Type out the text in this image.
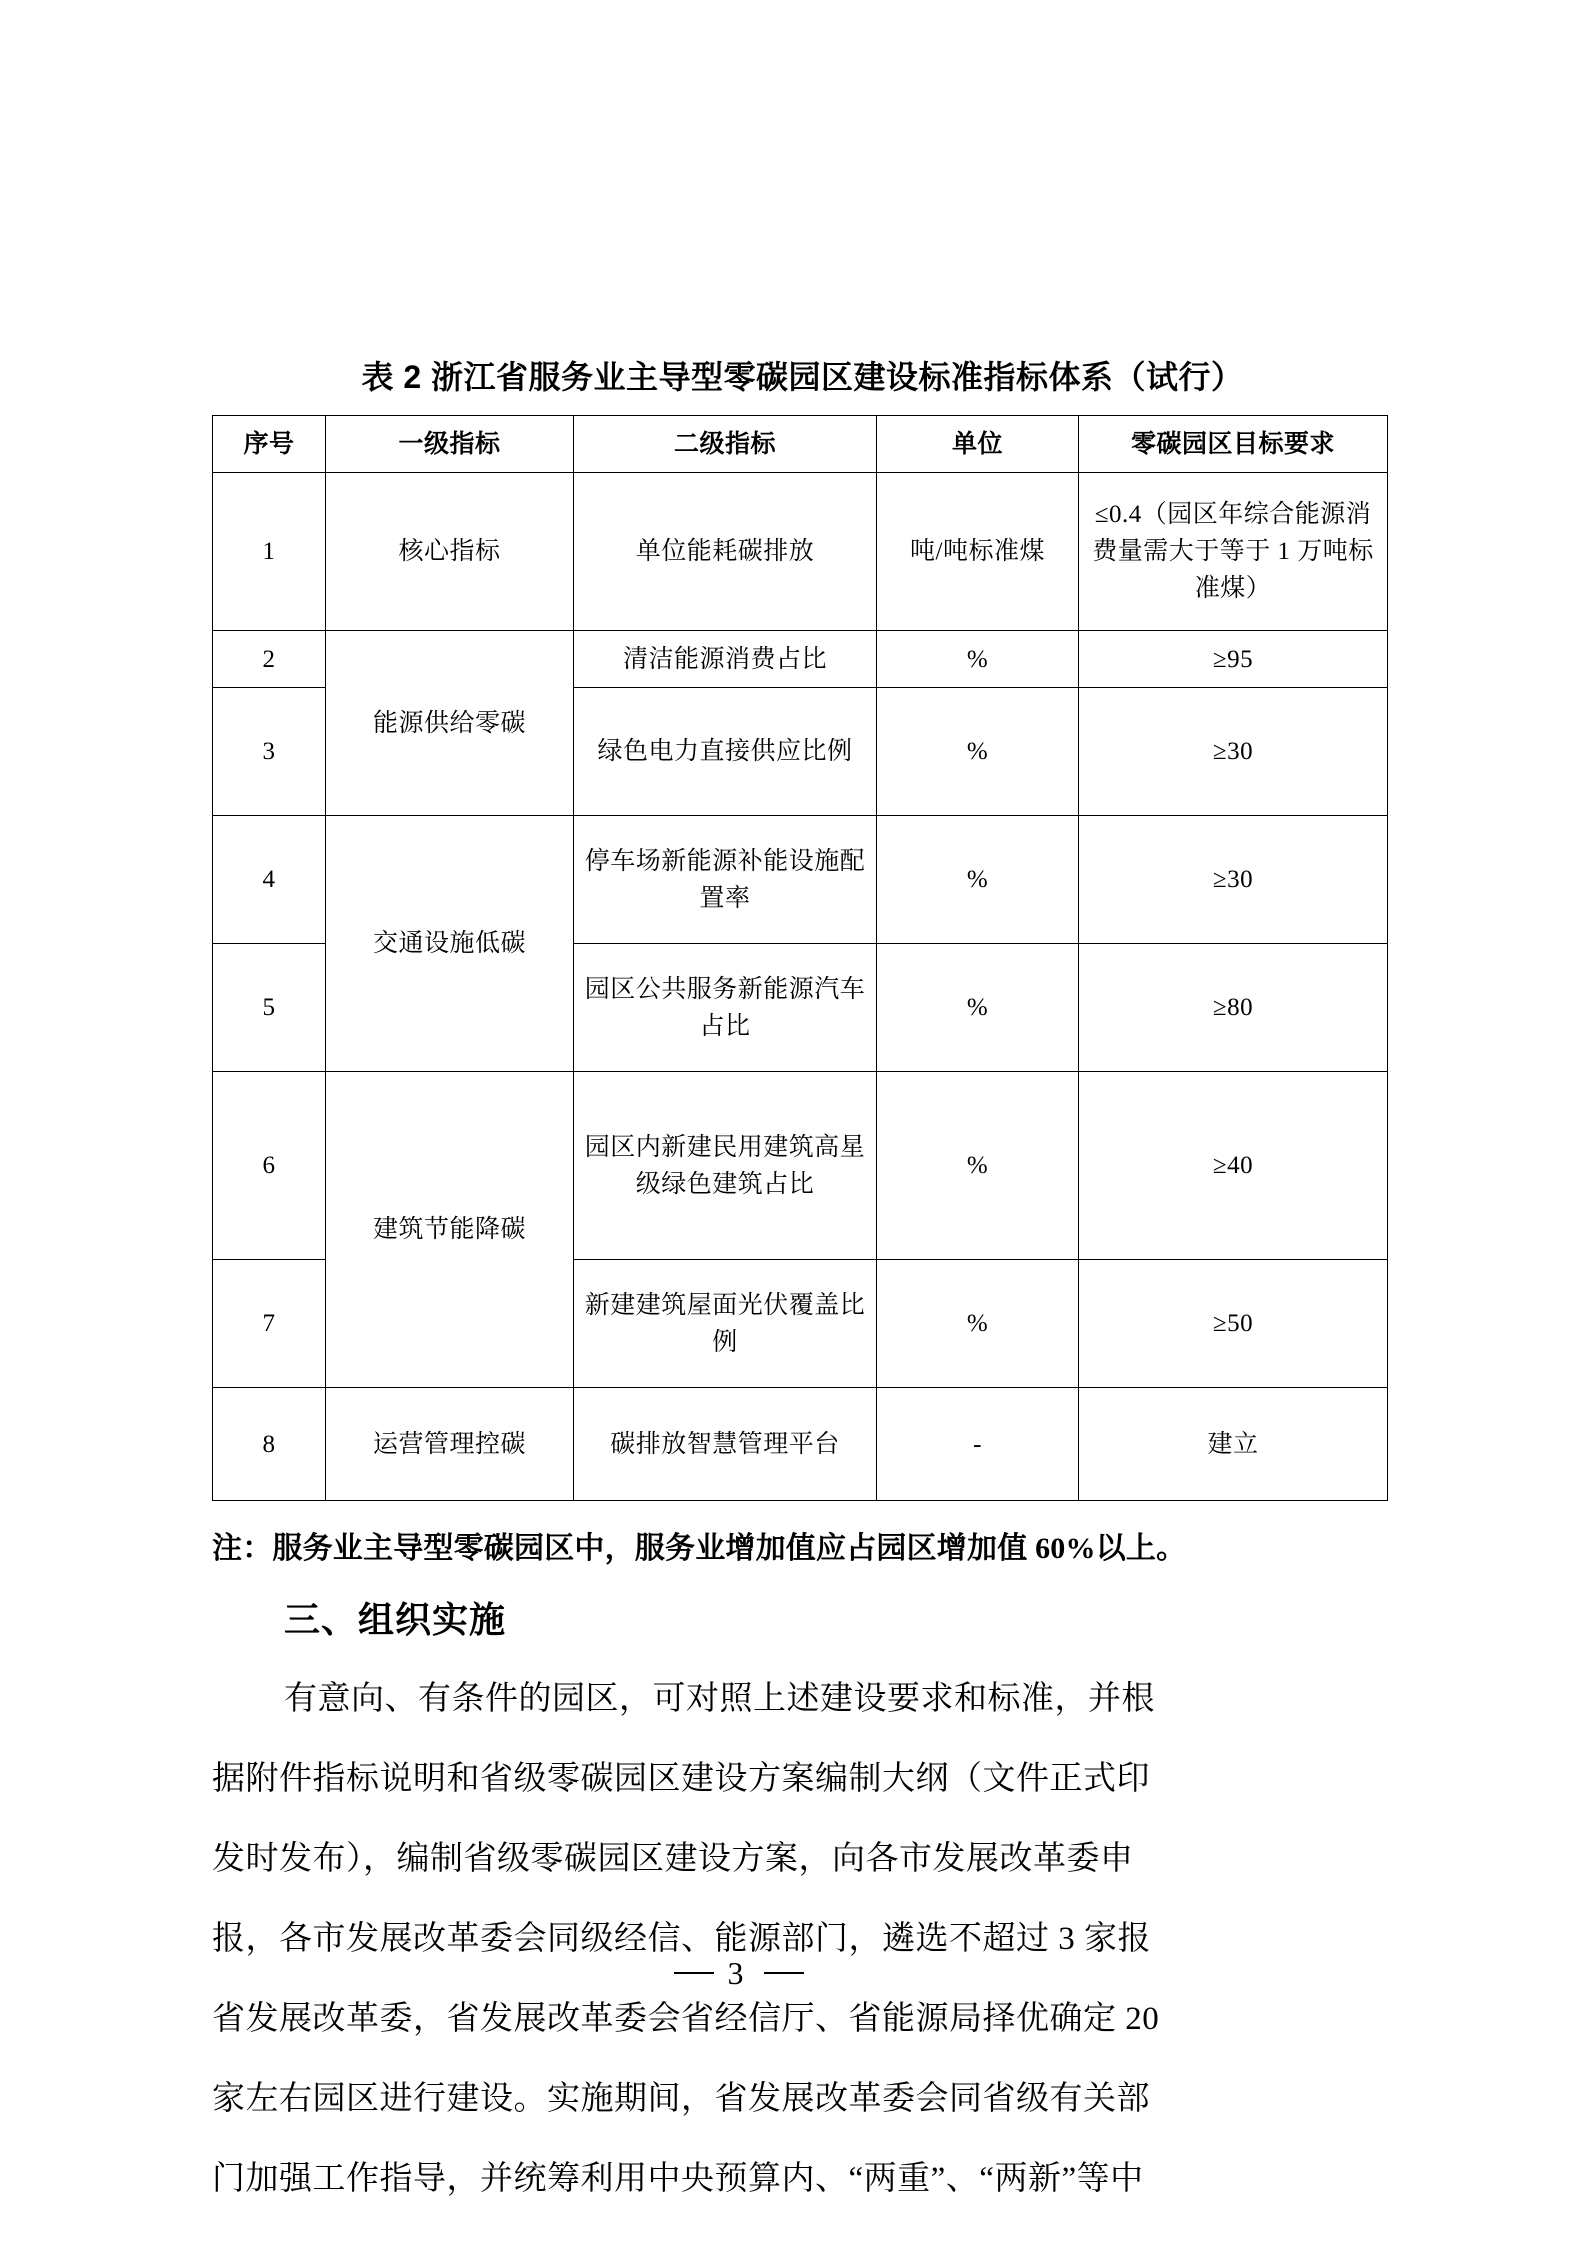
表 2 浙江省服务业主导型零碳园区建设标准指标体系（试行）
序号	一级指标	二级指标	单位	零碳园区目标要求
1	核心指标	单位能耗碳排放	吨/吨标准煤	≤0.4（园区年综合能源消费量需大于等于 1 万吨标准煤）
2	能源供给零碳	清洁能源消费占比	%	≥95
3		绿色电力直接供应比例	%	≥30
4	交通设施低碳	停车场新能源补能设施配置率	%	≥30
5		园区公共服务新能源汽车占比	%	≥80
6	建筑节能降碳	园区内新建民用建筑高星级绿色建筑占比	%	≥40
7		新建建筑屋面光伏覆盖比例	%	≥50
8	运营管理控碳	碳排放智慧管理平台	-	建立
注：服务业主导型零碳园区中，服务业增加值应占园区增加值 60%以上。
三、组织实施
有意向、有条件的园区，可对照上述建设要求和标准，并根
据附件指标说明和省级零碳园区建设方案编制大纲（文件正式印
发时发布），编制省级零碳园区建设方案，向各市发展改革委申
报，各市发展改革委会同级经信、能源部门，遴选不超过 3 家报
省发展改革委，省发展改革委会省经信厅、省能源局择优确定 20
家左右园区进行建设。实施期间，省发展改革委会同省级有关部
门加强工作指导，并统筹利用中央预算内、“两重”、“两新”等中
3
